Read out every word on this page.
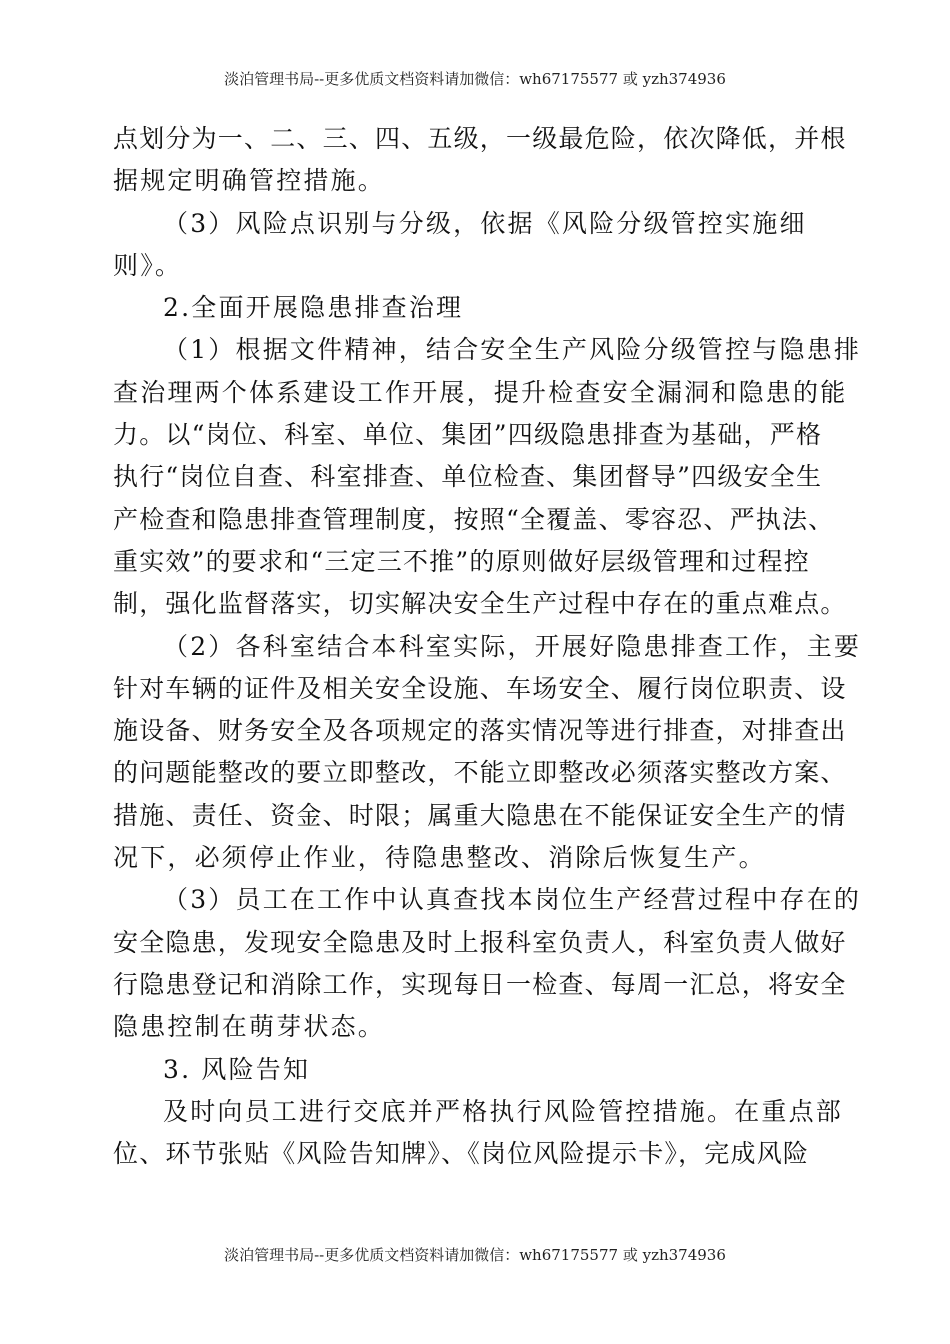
淡泊管理书局--更多优质文档资料请加微信：wh67175577 或 yzh374936
点划分为一、二、三、四、五级，一级最危险，依次降低，并根
据规定明确管控措施。
（3）风险点识别与分级，依据《风险分级管控实施细
则》。
2.全面开展隐患排查治理
（1）根据文件精神，结合安全生产风险分级管控与隐患排
查治理两个体系建设工作开展，提升检查安全漏洞和隐患的能
力。以“岗位、科室、单位、集团”四级隐患排查为基础，严格
执行“岗位自查、科室排查、单位检查、集团督导”四级安全生
产检查和隐患排查管理制度，按照“全覆盖、零容忍、严执法、
重实效”的要求和“三定三不推”的原则做好层级管理和过程控
制，强化监督落实，切实解决安全生产过程中存在的重点难点。
（2）各科室结合本科室实际，开展好隐患排查工作，主要
针对车辆的证件及相关安全设施、车场安全、履行岗位职责、设
施设备、财务安全及各项规定的落实情况等进行排查，对排查出
的问题能整改的要立即整改，不能立即整改必须落实整改方案、
措施、责任、资金、时限；属重大隐患在不能保证安全生产的情
况下，必须停止作业，待隐患整改、消除后恢复生产。
（3）员工在工作中认真查找本岗位生产经营过程中存在的
安全隐患，发现安全隐患及时上报科室负责人，科室负责人做好
行隐患登记和消除工作，实现每日一检查、每周一汇总，将安全
隐患控制在萌芽状态。
3. 风险告知
及时向员工进行交底并严格执行风险管控措施。在重点部
位、环节张贴《风险告知牌》、《岗位风险提示卡》，完成风险
淡泊管理书局--更多优质文档资料请加微信：wh67175577 或 yzh374936
